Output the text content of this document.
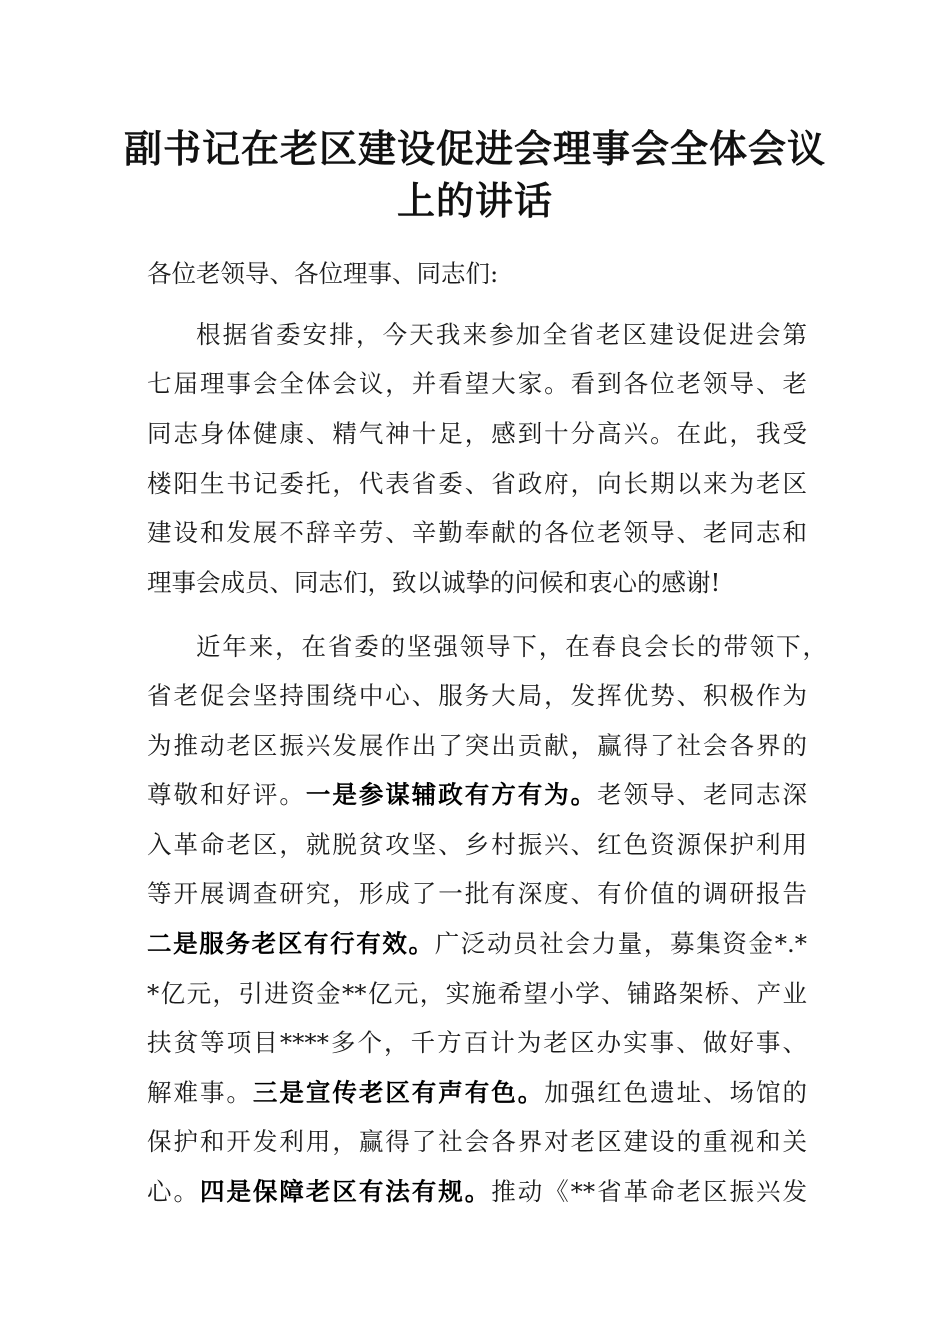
副书记在老区建设促进会理事会全体会议
上的讲话
各位老领导、各位理事、同志们:
根据省委安排，今天我来参加全省老区建设促进会第
七届理事会全体会议，并看望大家。看到各位老领导、老
同志身体健康、精气神十足，感到十分高兴。在此，我受
楼阳生书记委托，代表省委、省政府，向长期以来为老区
建设和发展不辞辛劳、辛勤奉献的各位老领导、老同志和
理事会成员、同志们，致以诚挚的问候和衷心的感谢!
近年来，在省委的坚强领导下，在春良会长的带领下，
省老促会坚持围绕中心、服务大局，发挥优势、积极作为
为推动老区振兴发展作出了突出贡献，赢得了社会各界的
尊敬和好评。一是参谋辅政有方有为。老领导、老同志深
入革命老区，就脱贫攻坚、乡村振兴、红色资源保护利用
等开展调查研究，形成了一批有深度、有价值的调研报告
二是服务老区有行有效。广泛动员社会力量，募集资金*.*
*亿元，引进资金**亿元，实施希望小学、铺路架桥、产业
扶贫等项目****多个，千方百计为老区办实事、做好事、
解难事。三是宣传老区有声有色。加强红色遗址、场馆的
保护和开发利用，赢得了社会各界对老区建设的重视和关
心。四是保障老区有法有规。推动《**省革命老区振兴发
